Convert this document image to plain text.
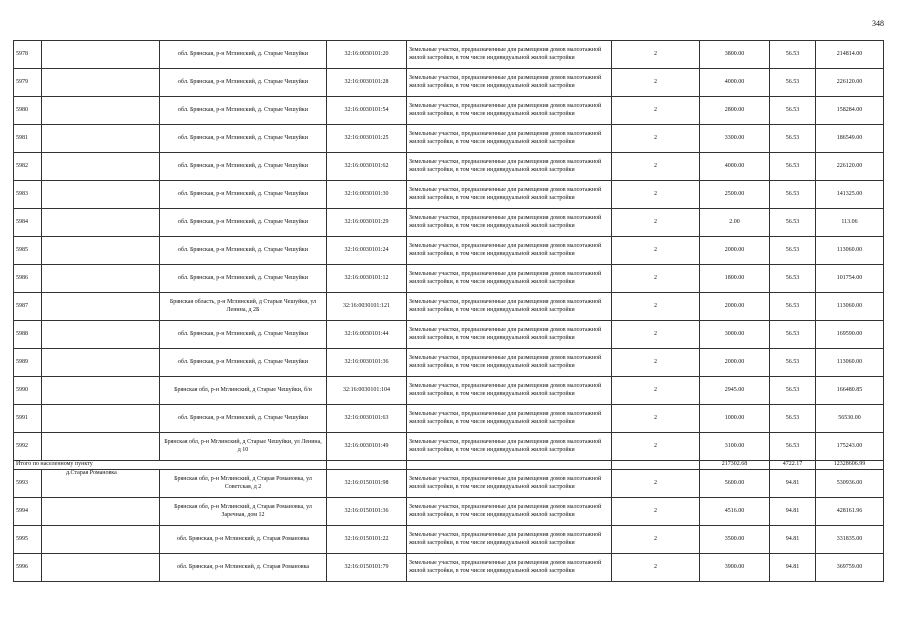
348
5978		обл. Брянская, р-н Мглинский, д. Старые Чешуйки	32:16:0030101:20	Земельные участки, предназначенные для размещения домов малоэтажной жилой застройки, в том числе индивидуальной жилой застройки	2	3800.00	56.53	214814.00
5979		обл. Брянская, р-н Мглинский, д. Старые Чешуйки	32:16:0030101:28	Земельные участки, предназначенные для размещения домов малоэтажной жилой застройки, в том числе индивидуальной жилой застройки	2	4000.00	56.53	226120.00
5980		обл. Брянская, р-н Мглинский, д. Старые Чешуйки	32:16:0030101:54	Земельные участки, предназначенные для размещения домов малоэтажной жилой застройки, в том числе индивидуальной жилой застройки	2	2800.00	56.53	158284.00
5981		обл. Брянская, р-н Мглинский, д. Старые Чешуйки	32:16:0030101:25	Земельные участки, предназначенные для размещения домов малоэтажной жилой застройки, в том числе индивидуальной жилой застройки	2	3300.00	56.53	186549.00
5982		обл. Брянская, р-н Мглинский, д. Старые Чешуйки	32:16:0030101:62	Земельные участки, предназначенные для размещения домов малоэтажной жилой застройки, в том числе индивидуальной жилой застройки	2	4000.00	56.53	226120.00
5983		обл. Брянская, р-н Мглинский, д. Старые Чешуйки	32:16:0030101:30	Земельные участки, предназначенные для размещения домов малоэтажной жилой застройки, в том числе индивидуальной жилой застройки	2	2500.00	56.53	141325.00
5984		обл. Брянская, р-н Мглинский, д. Старые Чешуйки	32:16:0030101:29	Земельные участки, предназначенные для размещения домов малоэтажной жилой застройки, в том числе индивидуальной жилой застройки	2	2.00	56.53	113.06
5985		обл. Брянская, р-н Мглинский, д. Старые Чешуйки	32:16:0030101:24	Земельные участки, предназначенные для размещения домов малоэтажной жилой застройки, в том числе индивидуальной жилой застройки	2	2000.00	56.53	113060.00
5986		обл. Брянская, р-н Мглинский, д. Старые Чешуйки	32:16:0030101:12	Земельные участки, предназначенные для размещения домов малоэтажной жилой застройки, в том числе индивидуальной жилой застройки	2	1800.00	56.53	101754.00
5987		Брянская область, р-н Мглинский, д Старые Чешуйки, ул Ленина, д 2Б	32:16:0030101:121	Земельные участки, предназначенные для размещения домов малоэтажной жилой застройки, в том числе индивидуальной жилой застройки	2	2000.00	56.53	113060.00
5988		обл. Брянская, р-н Мглинский, д. Старые Чешуйки	32:16:0030101:44	Земельные участки, предназначенные для размещения домов малоэтажной жилой застройки, в том числе индивидуальной жилой застройки	2	3000.00	56.53	169590.00
5989		обл. Брянская, р-н Мглинский, д. Старые Чешуйки	32:16:0030101:36	Земельные участки, предназначенные для размещения домов малоэтажной жилой застройки, в том числе индивидуальной жилой застройки	2	2000.00	56.53	113060.00
5990		Брянская обл, р-н Мглинский, д Старые Чешуйки, б/н	32:16:0030101:104	Земельные участки, предназначенные для размещения домов малоэтажной жилой застройки, в том числе индивидуальной жилой застройки	2	2945.00	56.53	166480.85
5991		обл. Брянская, р-н Мглинский, д. Старые Чешуйки	32:16:0030101:63	Земельные участки, предназначенные для размещения домов малоэтажной жилой застройки, в том числе индивидуальной жилой застройки	2	1000.00	56.53	56530.00
5992		Брянская обл, р-н Мглинский, д Старые Чешуйки, ул Ленина, д 10	32:16:0030101:49	Земельные участки, предназначенные для размещения домов малоэтажной жилой застройки, в том числе индивидуальной жилой застройки	2	3100.00	56.53	175243.00
Итого по населенному пункту						217302.68	4722.17	12328606.99
5993	д.Старая Романовка	Брянская обл, р-н Мглинский, д Старая Романовка, ул Советская, д 2	32:16:0150101:98	Земельные участки, предназначенные для размещения домов малоэтажной жилой застройки, в том числе индивидуальной жилой застройки	2	5600.00	94.81	530936.00
5994		Брянская обл, р-н Мглинский, д Старая Романовка, ул Заречная, дом 12	32:16:0150101:36	Земельные участки, предназначенные для размещения домов малоэтажной жилой застройки, в том числе индивидуальной жилой застройки	2	4516.00	94.81	428161.96
5995		обл. Брянская, р-н Мглинский, д. Старая Романовка	32:16:0150101:22	Земельные участки, предназначенные для размещения домов малоэтажной жилой застройки, в том числе индивидуальной жилой застройки	2	3500.00	94.81	331835.00
5996		обл. Брянская, р-н Мглинский, д. Старая Романовка	32:16:0150101:79	Земельные участки, предназначенные для размещения домов малоэтажной жилой застройки, в том числе индивидуальной жилой застройки	2	3900.00	94.81	369759.00
